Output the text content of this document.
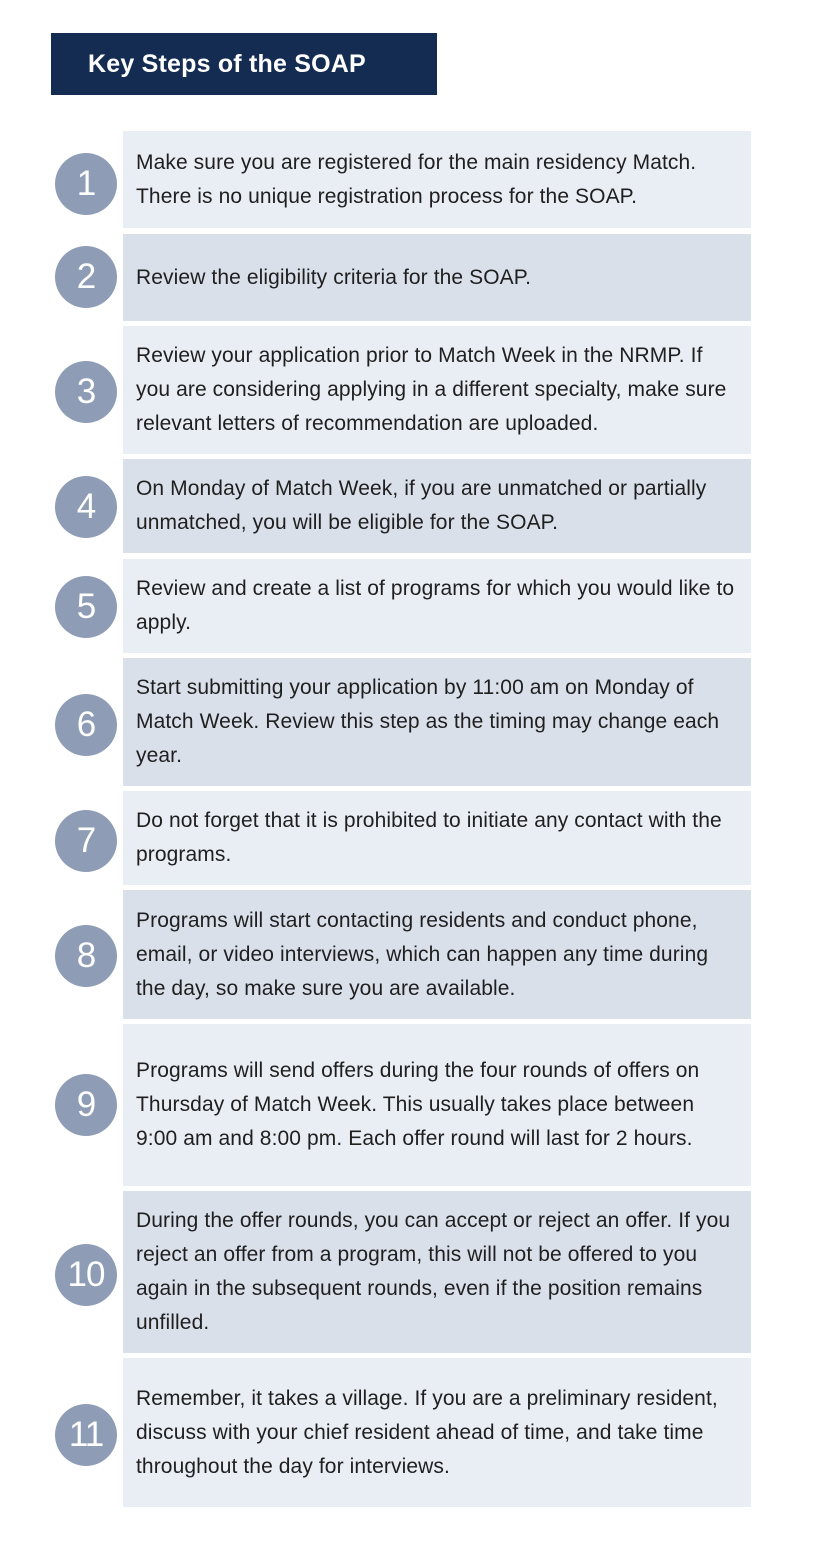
Key Steps of the SOAP
1
Make sure you are registered for the main residency Match. There is no unique registration process for the SOAP.
2	Review the eligibility criteria for the SOAP.
3
Review your application prior to Match Week in the NRMP. If you are considering applying in a different specialty, make sure relevant letters of recommendation are uploaded.
4	On Monday of Match Week, if you are unmatched or partially unmatched, you will be eligible for the SOAP.
5	Review and create a list of programs for which you would like to apply.
6
Start submitting your application by 11:00 am on Monday of Match Week. Review this step as the timing may change each year.
7
Do not forget that it is prohibited to initiate any contact with the programs.
8
Programs will start contacting residents and conduct phone, email, or video interviews, which can happen any time during the day, so make sure you are available.
9
Programs will send offers during the four rounds of offers on Thursday of Match Week. This usually takes place between 9:00 am and 8:00 pm. Each offer round will last for 2 hours.
10
During the offer rounds, you can accept or reject an offer. If you reject an offer from a program, this will not be offered to you again in the subsequent rounds, even if the position remains unfilled.
11
Remember, it takes a village. If you are a preliminary resident, discuss with your chief resident ahead of time, and take time throughout the day for interviews.
